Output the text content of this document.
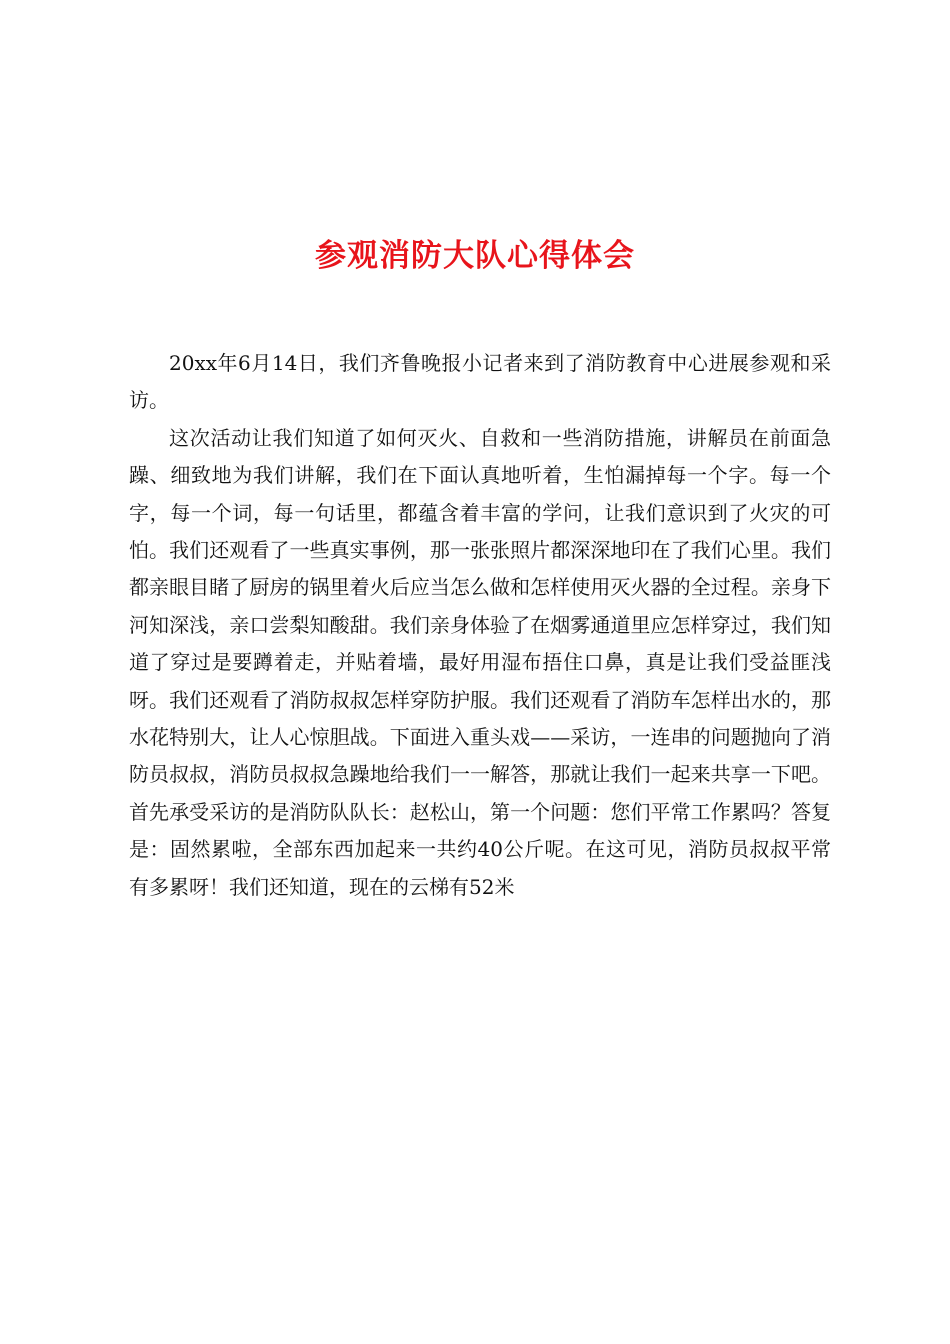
参观消防大队心得体会

20xx年6月14日，我们齐鲁晚报小记者来到了消防教育中心进展参观和采访。

这次活动让我们知道了如何灭火、自救和一些消防措施，讲解员在前面急躁、细致地为我们讲解，我们在下面认真地听着，生怕漏掉每一个字。每一个字，每一个词，每一句话里，都蕴含着丰富的学问，让我们意识到了火灾的可怕。我们还观看了一些真实事例，那一张张照片都深深地印在了我们心里。我们都亲眼目睹了厨房的锅里着火后应当怎么做和怎样使用灭火器的全过程。亲身下河知深浅，亲口尝梨知酸甜。我们亲身体验了在烟雾通道里应怎样穿过，我们知道了穿过是要蹲着走，并贴着墙，最好用湿布捂住口鼻，真是让我们受益匪浅呀。我们还观看了消防叔叔怎样穿防护服。我们还观看了消防车怎样出水的，那水花特别大，让人心惊胆战。下面进入重头戏——采访，一连串的问题抛向了消防员叔叔，消防员叔叔急躁地给我们一一解答，那就让我们一起来共享一下吧。首先承受采访的是消防队队长：赵松山，第一个问题：您们平常工作累吗？答复是：固然累啦，全部东西加起来一共约40公斤呢。在这可见，消防员叔叔平常有多累呀！我们还知道，现在的云梯有52米
